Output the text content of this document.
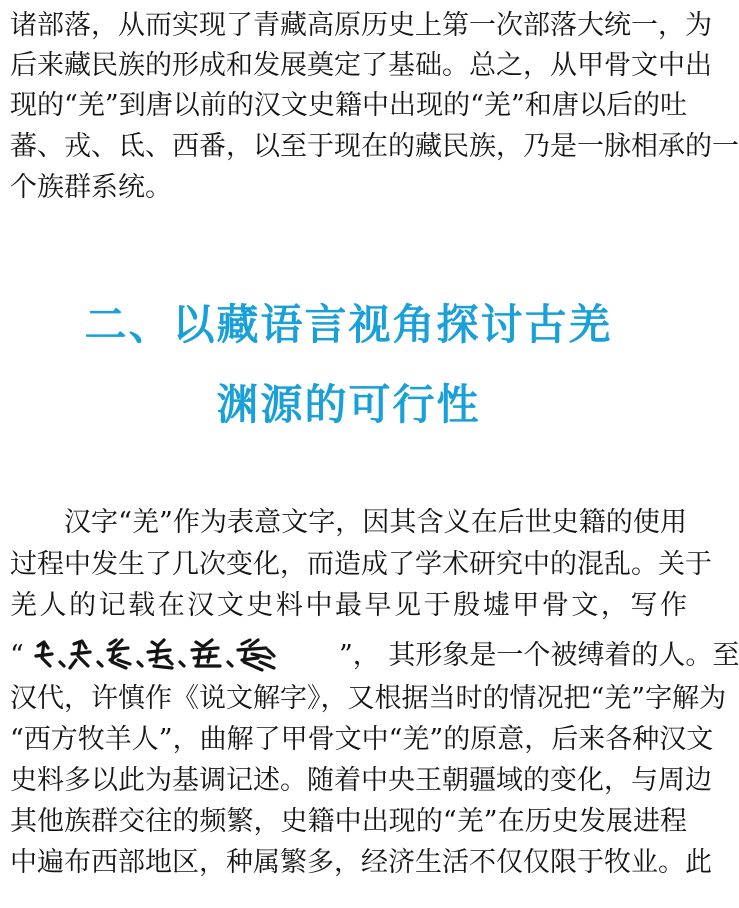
诸部落，从而实现了青藏高原历史上第一次部落大统一，为
后来藏民族的形成和发展奠定了基础。总之，从甲骨文中出
现的“羌”到唐以前的汉文史籍中出现的“羌”和唐以后的吐
蕃、戎、氐、西番，以至于现在的藏民族，乃是一脉相承的一
个族群系统。
二、以藏语言视角探讨古羌
渊源的可行性
汉字“羌”作为表意文字，因其含义在后世史籍的使用
过程中发生了几次变化，而造成了学术研究中的混乱。关于
羌人的记载在汉文史料中最早见于殷墟甲骨文，写作
“	”， 其形象是一个被缚着的人。至
汉代，许慎作《说文解字》，又根据当时的情况把“羌”字解为
“西方牧羊人”，曲解了甲骨文中“羌”的原意，后来各种汉文
史料多以此为基调记述。随着中央王朝疆域的变化，与周边
其他族群交往的频繁，史籍中出现的“羌”在历史发展进程
中遍布西部地区，种属繁多，经济生活不仅仅限于牧业。此
